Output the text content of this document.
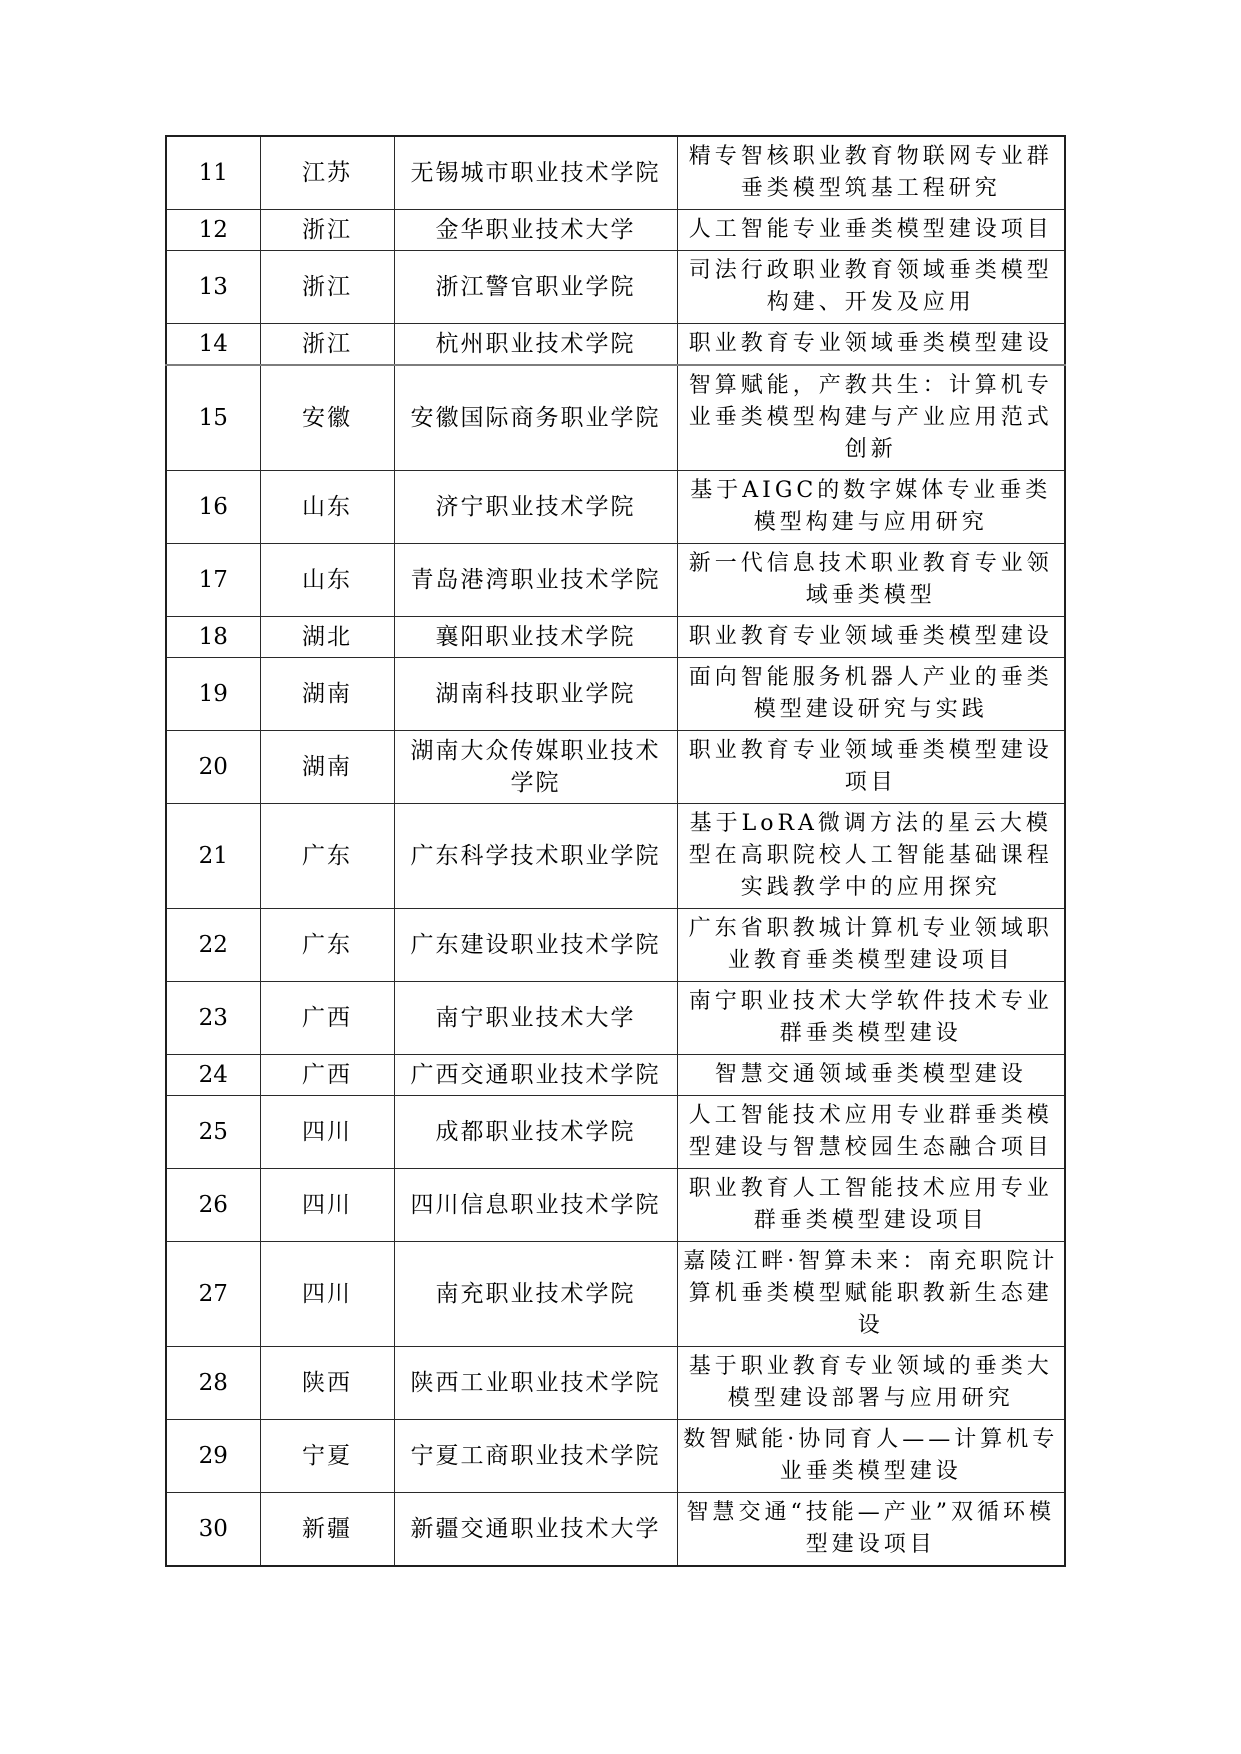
11	江苏	无锡城市职业技术学院	精专智核职业教育物联网专业群垂类模型筑基工程研究
12	浙江	金华职业技术大学	人工智能专业垂类模型建设项目
13	浙江	浙江警官职业学院	司法行政职业教育领域垂类模型构建、开发及应用
14	浙江	杭州职业技术学院	职业教育专业领域垂类模型建设
15	安徽	安徽国际商务职业学院	智算赋能，产教共生：计算机专业垂类模型构建与产业应用范式创新
16	山东	济宁职业技术学院	基于AIGC的数字媒体专业垂类模型构建与应用研究
17	山东	青岛港湾职业技术学院	新一代信息技术职业教育专业领域垂类模型
18	湖北	襄阳职业技术学院	职业教育专业领域垂类模型建设
19	湖南	湖南科技职业学院	面向智能服务机器人产业的垂类模型建设研究与实践
20	湖南	湖南大众传媒职业技术学院	职业教育专业领域垂类模型建设项目
21	广东	广东科学技术职业学院	基于LoRA微调方法的星云大模型在高职院校人工智能基础课程实践教学中的应用探究
22	广东	广东建设职业技术学院	广东省职教城计算机专业领域职业教育垂类模型建设项目
23	广西	南宁职业技术大学	南宁职业技术大学软件技术专业群垂类模型建设
24	广西	广西交通职业技术学院	智慧交通领域垂类模型建设
25	四川	成都职业技术学院	人工智能技术应用专业群垂类模型建设与智慧校园生态融合项目
26	四川	四川信息职业技术学院	职业教育人工智能技术应用专业群垂类模型建设项目
27	四川	南充职业技术学院	嘉陵江畔·智算未来：南充职院计算机垂类模型赋能职教新生态建设
28	陕西	陕西工业职业技术学院	基于职业教育专业领域的垂类大模型建设部署与应用研究
29	宁夏	宁夏工商职业技术学院	数智赋能·协同育人——计算机专业垂类模型建设
30	新疆	新疆交通职业技术大学	智慧交通“技能—产业”双循环模型建设项目
